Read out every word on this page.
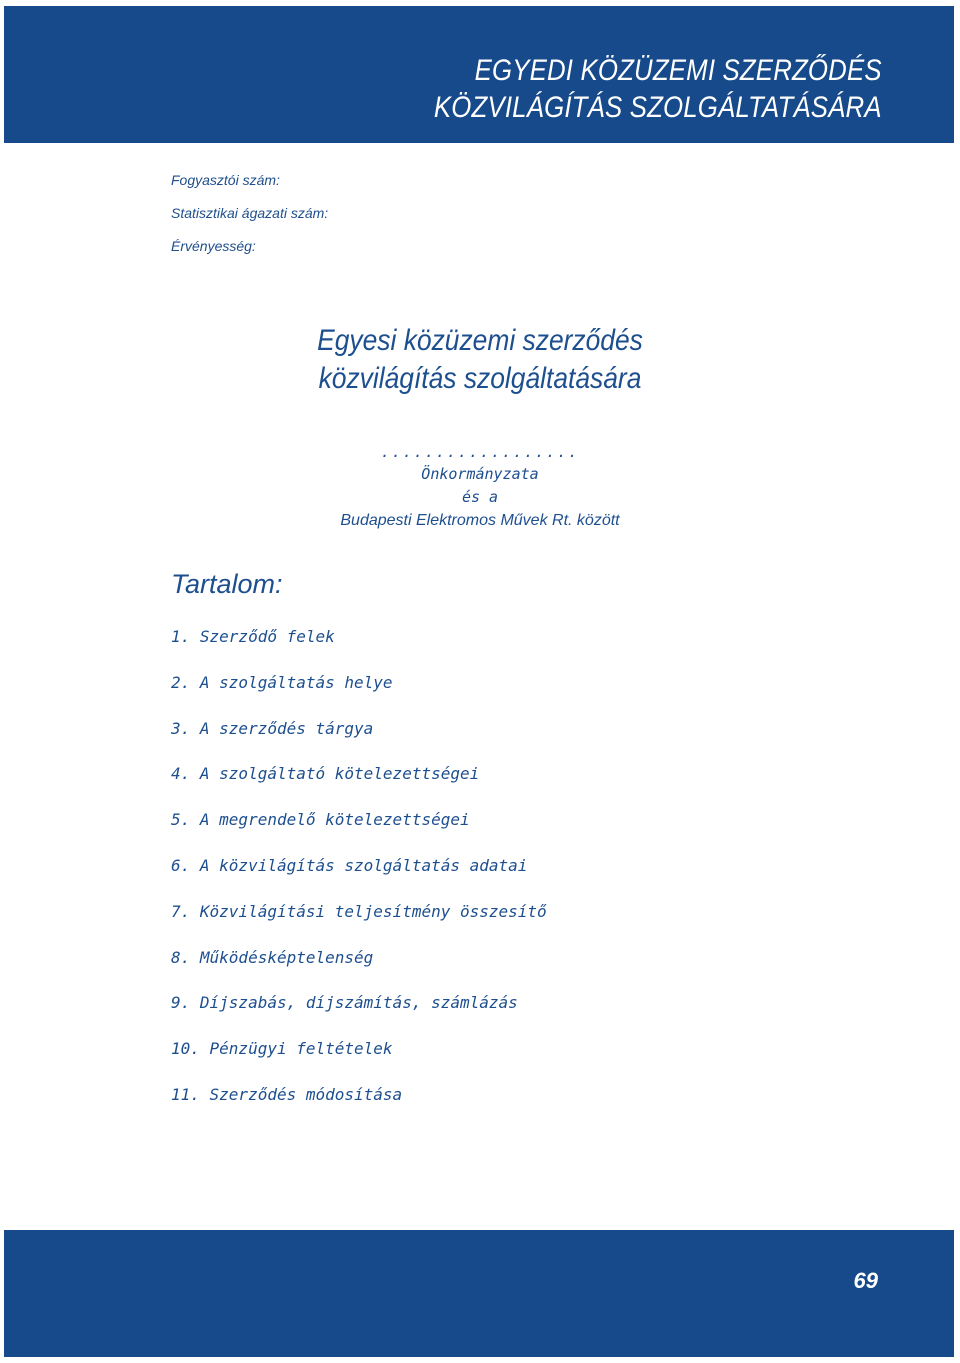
EGYEDI KÖZÜZEMI SZERZŐDÉS
KÖZVILÁGÍTÁS SZOLGÁLTATÁSÁRA
Fogyasztói szám:
Statisztikai ágazati szám:
Érvényesség:
Egyesi közüzemi szerződés
közvilágítás szolgáltatására
..................
Önkormányzata
és a
Budapesti Elektromos Művek Rt. között
Tartalom:
1. Szerződő felek
2. A szolgáltatás helye
3. A szerződés tárgya
4. A szolgáltató kötelezettségei
5. A megrendelő kötelezettségei
6. A közvilágítás szolgáltatás adatai
7. Közvilágítási teljesítmény összesítő
8. Működésképtelenség
9. Díjszabás, díjszámítás, számlázás
10. Pénzügyi feltételek
11. Szerződés módosítása
69
